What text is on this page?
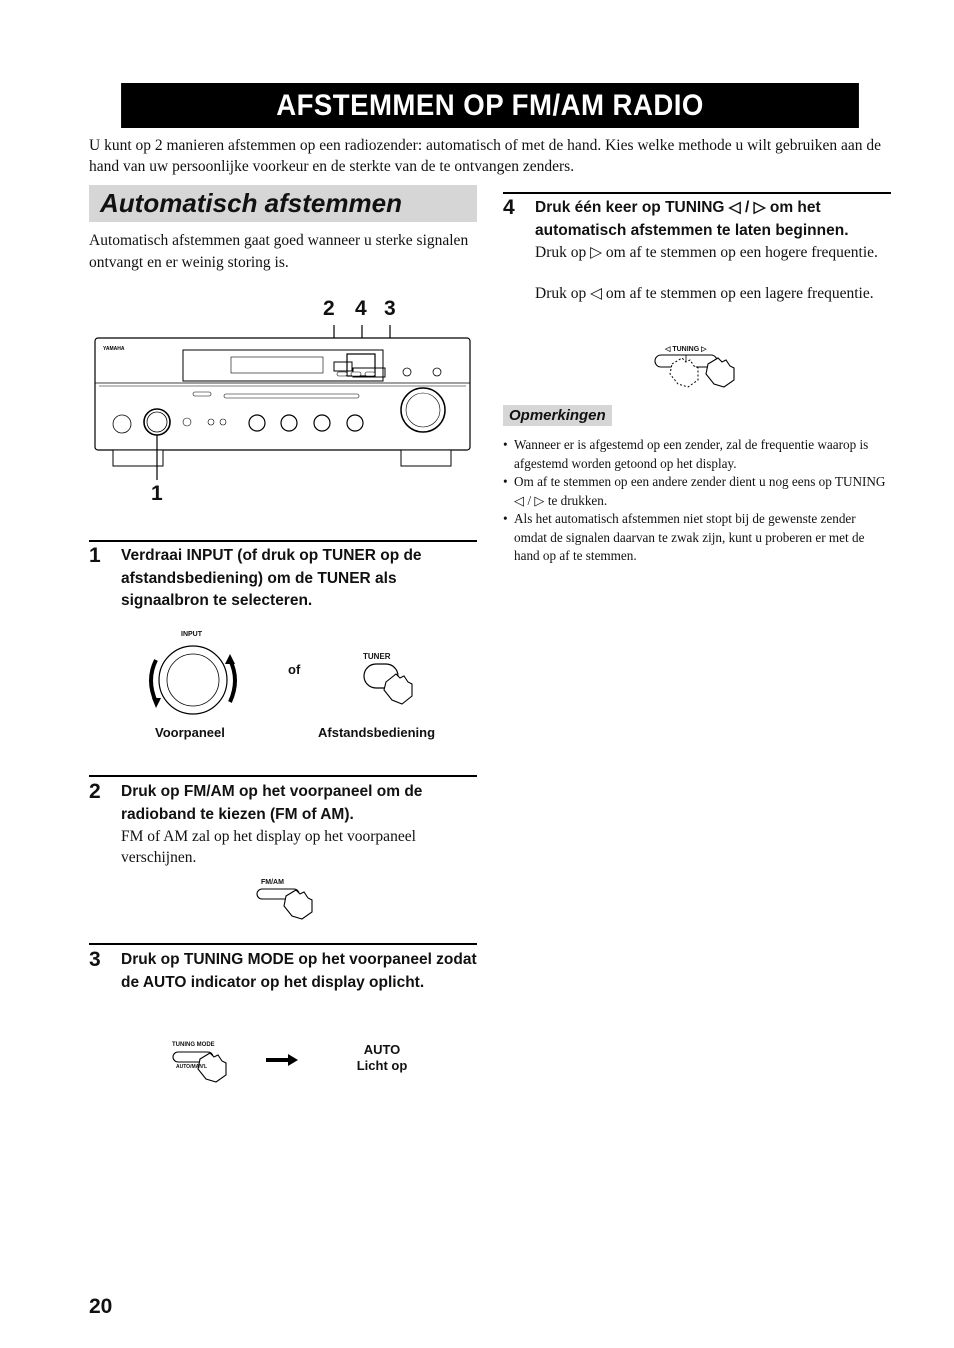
AFSTEMMEN OP FM/AM RADIO
U kunt op 2 manieren afstemmen op een radiozender: automatisch of met de hand. Kies welke methode u wilt gebruiken aan de hand van uw persoonlijke voorkeur en de sterkte van de te ontvangen zenders.
Automatisch afstemmen
Automatisch afstemmen gaat goed wanneer u sterke signalen ontvangt en er weinig storing is.
2 4 3
1
YAMAHA
1 Verdraai INPUT (of druk op TUNER op de afstandsbediening) om de TUNER als signaalbron te selecteren.
INPUT
of
TUNER
Voorpaneel	Afstandsbediening
2 Druk op FM/AM op het voorpaneel om de radioband te kiezen (FM of AM).
FM of AM zal op het display op het voorpaneel verschijnen.
FM/AM
3 Druk op TUNING MODE op het voorpaneel zodat de AUTO indicator op het display oplicht.
TUNING MODE
AUTO/MAN'L
AUTO
Licht op
4 Druk één keer op TUNING ◁ / ▷ om het automatisch afstemmen te laten beginnen.
Druk op ▷ om af te stemmen op een hogere frequentie.
Druk op ◁ om af te stemmen op een lagere frequentie.
◁ TUNING ▷
Opmerkingen
• Wanneer er is afgestemd op een zender, zal de frequentie waarop is afgestemd worden getoond op het display.
• Om af te stemmen op een andere zender dient u nog eens op TUNING ◁ / ▷ te drukken.
• Als het automatisch afstemmen niet stopt bij de gewenste zender omdat de signalen daarvan te zwak zijn, kunt u proberen er met de hand op af te stemmen.
20
